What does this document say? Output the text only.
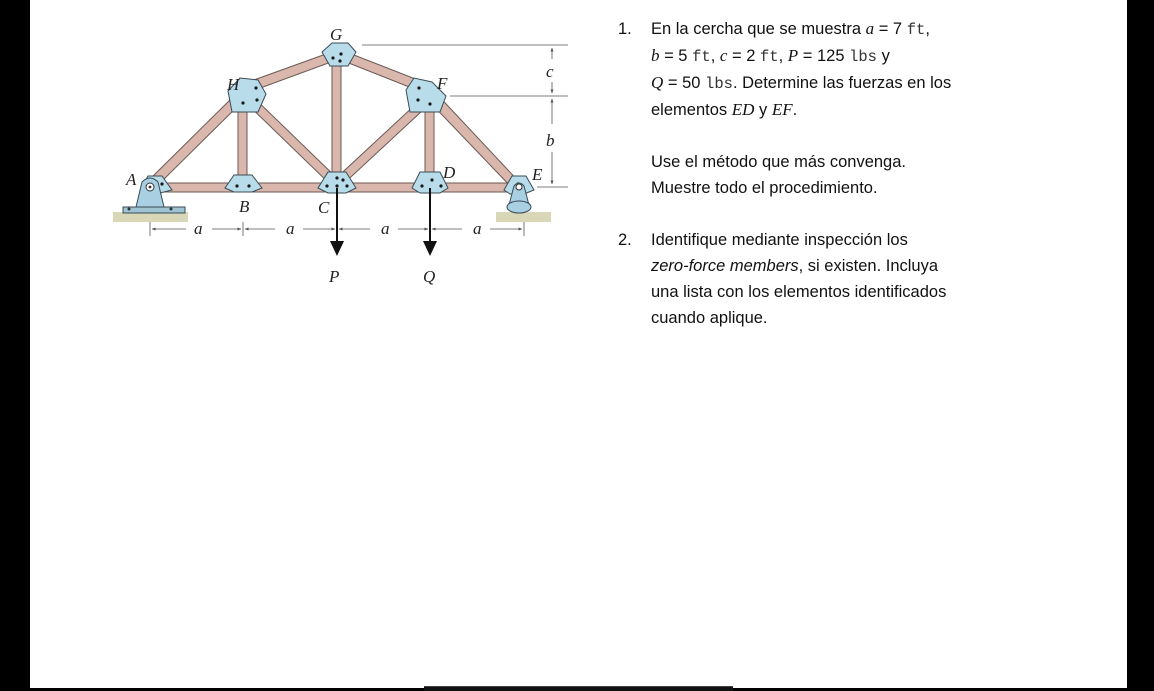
G
H	F
A
B	C
D	E
a	a	a	a
c
b
P	Q
1.	En la cercha que se muestra a = 7 ft,

b = 5 ft, c = 2 ft, P = 125 lbs y

Q = 50 lbs. Determine las fuerzas en los

elementos ED y EF.

Use el método que más convenga.

Muestre todo el procedimiento.

2.	Identifique mediante inspección los

zero-force members, si existen. Incluya

una lista con los elementos identificados

cuando aplique.
